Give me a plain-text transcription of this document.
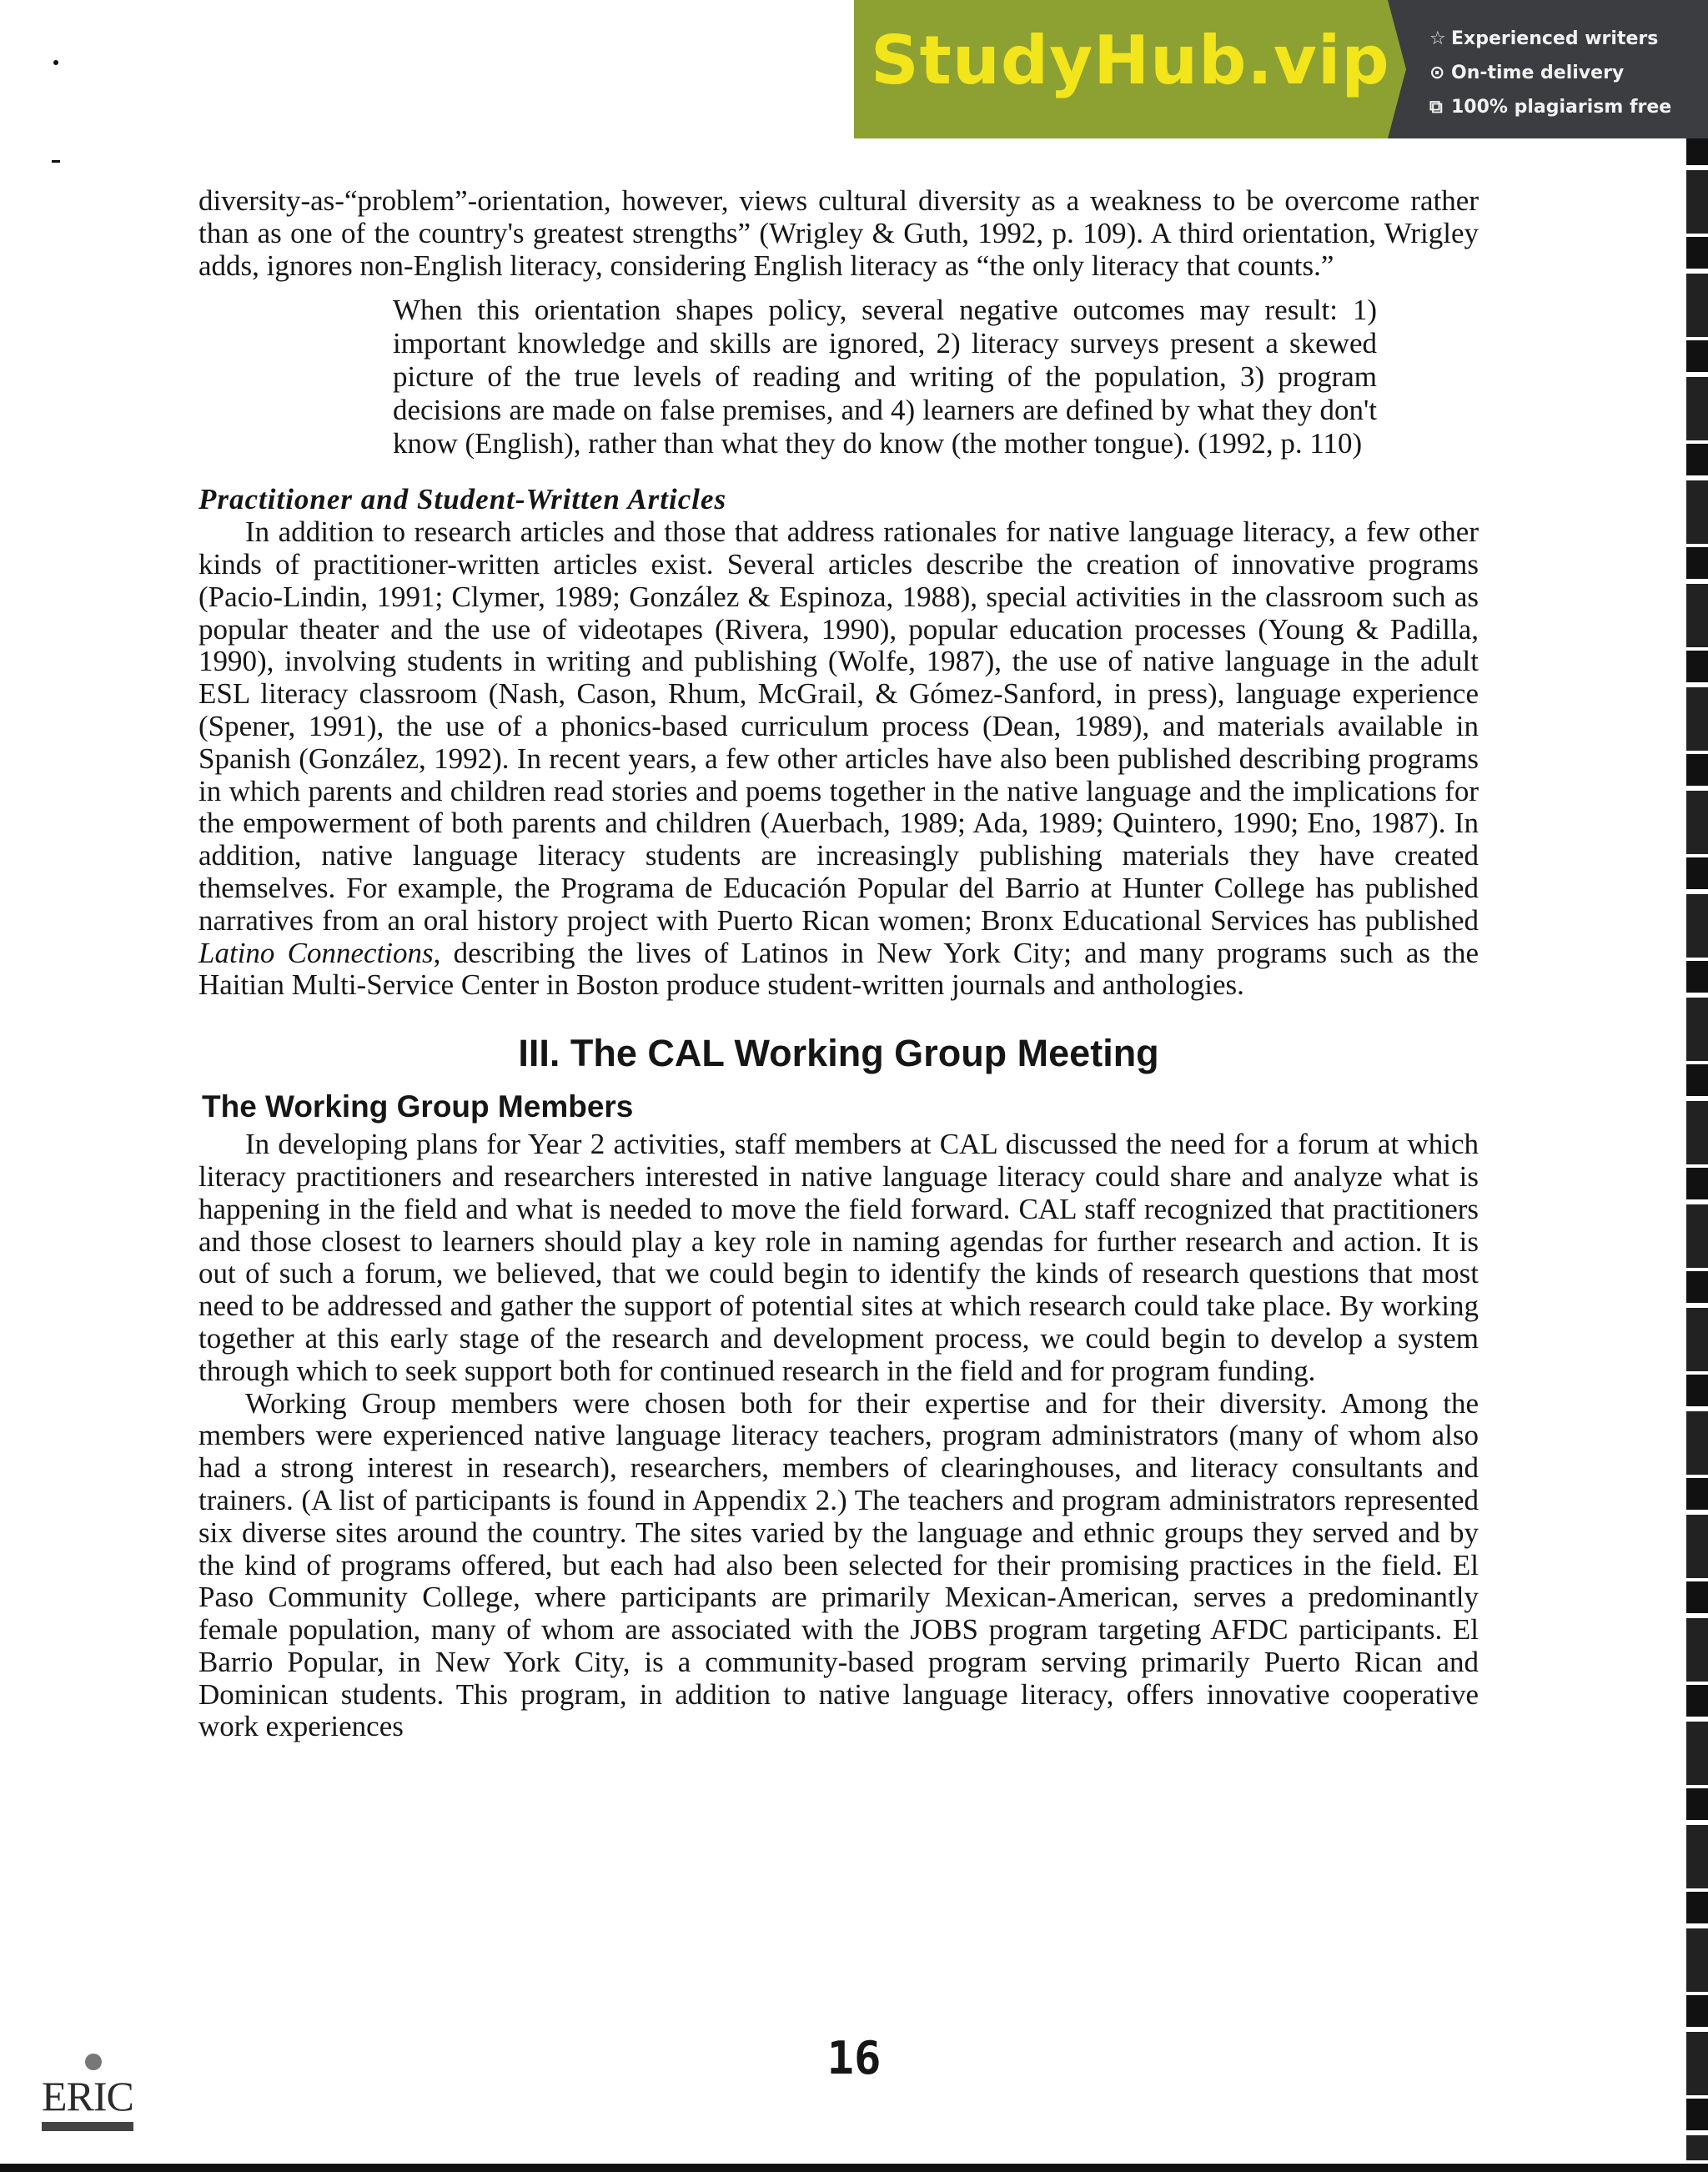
StudyHub.vip ☆ Experienced writers
⊙ On-time delivery
⧉ 100% plagiarism free

diversity-as-“problem”-orientation, however, views cultural diversity as a weakness to be overcome rather than as one of the country's greatest strengths” (Wrigley & Guth, 1992, p. 109). A third orientation, Wrigley adds, ignores non-English literacy, considering English literacy as “the only literacy that counts.”

When this orientation shapes policy, several negative outcomes may result: 1) important knowledge and skills are ignored, 2) literacy surveys present a skewed picture of the true levels of reading and writing of the population, 3) program decisions are made on false premises, and 4) learners are defined by what they don't know (English), rather than what they do know (the mother tongue). (1992, p. 110)

Practitioner and Student-Written Articles

In addition to research articles and those that address rationales for native language literacy, a few other kinds of practitioner-written articles exist. Several articles describe the creation of innovative programs (Pacio-Lindin, 1991; Clymer, 1989; González & Espinoza, 1988), special activities in the classroom such as popular theater and the use of videotapes (Rivera, 1990), popular education processes (Young & Padilla, 1990), involving students in writing and publishing (Wolfe, 1987), the use of native language in the adult ESL literacy classroom (Nash, Cason, Rhum, McGrail, & Gómez-Sanford, in press), language experience (Spener, 1991), the use of a phonics-based curriculum process (Dean, 1989), and materials available in Spanish (González, 1992). In recent years, a few other articles have also been published describing programs in which parents and children read stories and poems together in the native language and the implications for the empowerment of both parents and children (Auerbach, 1989; Ada, 1989; Quintero, 1990; Eno, 1987). In addition, native language literacy students are increasingly publishing materials they have created themselves. For example, the Programa de Educación Popular del Barrio at Hunter College has published narratives from an oral history project with Puerto Rican women; Bronx Educational Services has published Latino Connections, describing the lives of Latinos in New York City; and many programs such as the Haitian Multi-Service Center in Boston produce student-written journals and anthologies.

III. The CAL Working Group Meeting
The Working Group Members

In developing plans for Year 2 activities, staff members at CAL discussed the need for a forum at which literacy practitioners and researchers interested in native language literacy could share and analyze what is happening in the field and what is needed to move the field forward. CAL staff recognized that practitioners and those closest to learners should play a key role in naming agendas for further research and action. It is out of such a forum, we believed, that we could begin to identify the kinds of research questions that most need to be addressed and gather the support of potential sites at which research could take place. By working together at this early stage of the research and development process, we could begin to develop a system through which to seek support both for continued research in the field and for program funding.

Working Group members were chosen both for their expertise and for their diversity. Among the members were experienced native language literacy teachers, program administrators (many of whom also had a strong interest in research), researchers, members of clearinghouses, and literacy consultants and trainers. (A list of participants is found in Appendix 2.) The teachers and program administrators represented six diverse sites around the country. The sites varied by the language and ethnic groups they served and by the kind of programs offered, but each had also been selected for their promising practices in the field. El Paso Community College, where participants are primarily Mexican-American, serves a predominantly female population, many of whom are associated with the JOBS program targeting AFDC participants. El Barrio Popular, in New York City, is a community-based program serving primarily Puerto Rican and Dominican students. This program, in addition to native language literacy, offers innovative cooperative work experiences

16
ERIC
